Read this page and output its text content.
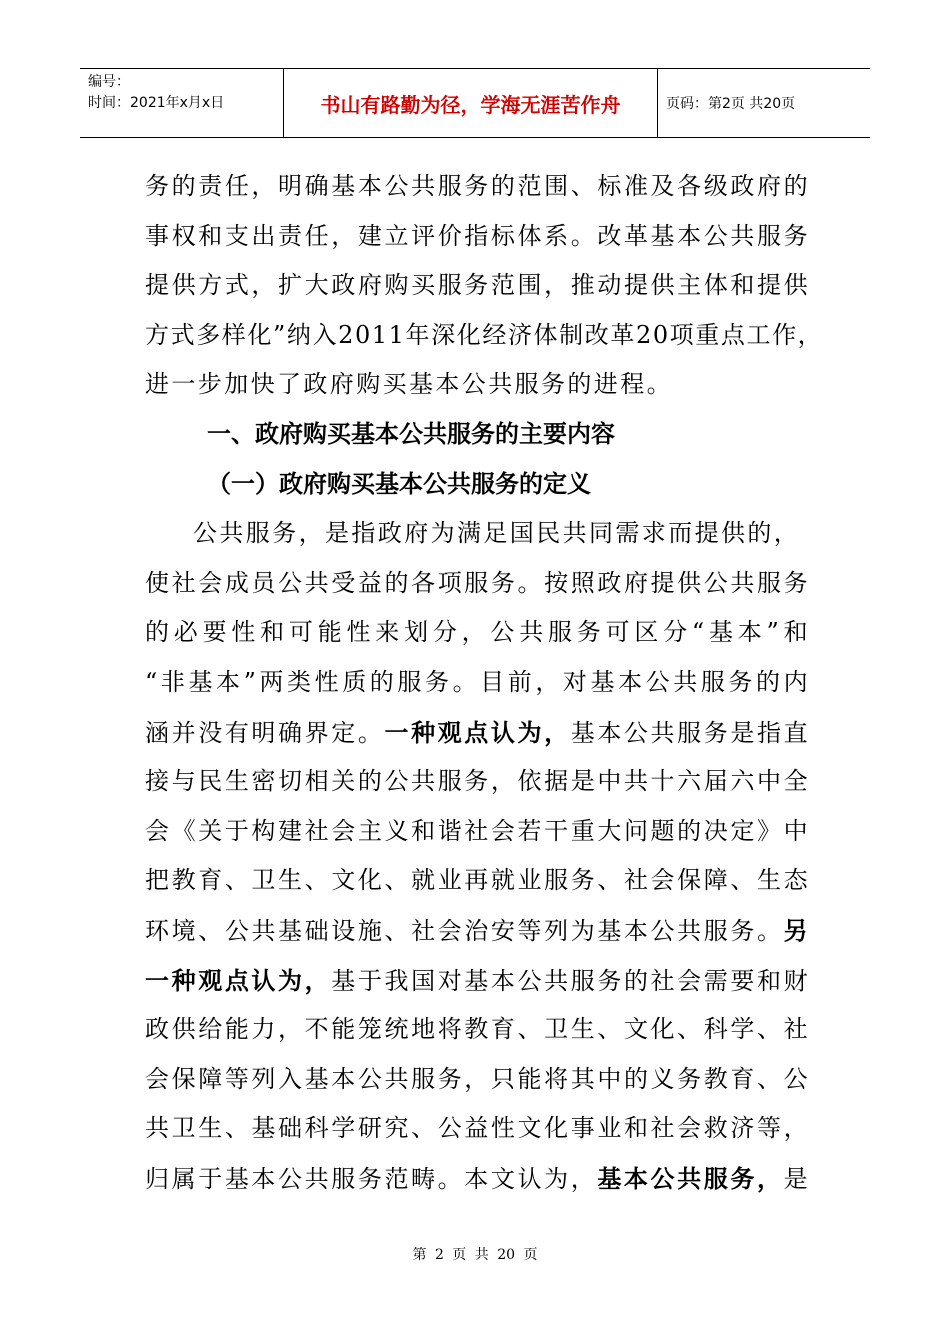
编号：
时间：2021年x月x日	书山有路勤为径，学海无涯苦作舟	页码：第2页 共20页
务的责任，明确基本公共服务的范围、标准及各级政府的
事权和支出责任，建立评价指标体系。改革基本公共服务
提供方式，扩大政府购买服务范围，推动提供主体和提供
方式多样化”纳入2011年深化经济体制改革20项重点工作，
进一步加快了政府购买基本公共服务的进程。
一、政府购买基本公共服务的主要内容
（一）政府购买基本公共服务的定义
公共服务，是指政府为满足国民共同需求而提供的，
使社会成员公共受益的各项服务。按照政府提供公共服务
的必要性和可能性来划分，公共服务可区分“基本”和
“非基本”两类性质的服务。目前，对基本公共服务的内
涵并没有明确界定。一种观点认为，基本公共服务是指直
接与民生密切相关的公共服务，依据是中共十六届六中全
会《关于构建社会主义和谐社会若干重大问题的决定》中
把教育、卫生、文化、就业再就业服务、社会保障、生态
环境、公共基础设施、社会治安等列为基本公共服务。另
一种观点认为，基于我国对基本公共服务的社会需要和财
政供给能力，不能笼统地将教育、卫生、文化、科学、社
会保障等列入基本公共服务，只能将其中的义务教育、公
共卫生、基础科学研究、公益性文化事业和社会救济等，
归属于基本公共服务范畴。本文认为，基本公共服务，是
第 2 页 共 20 页
